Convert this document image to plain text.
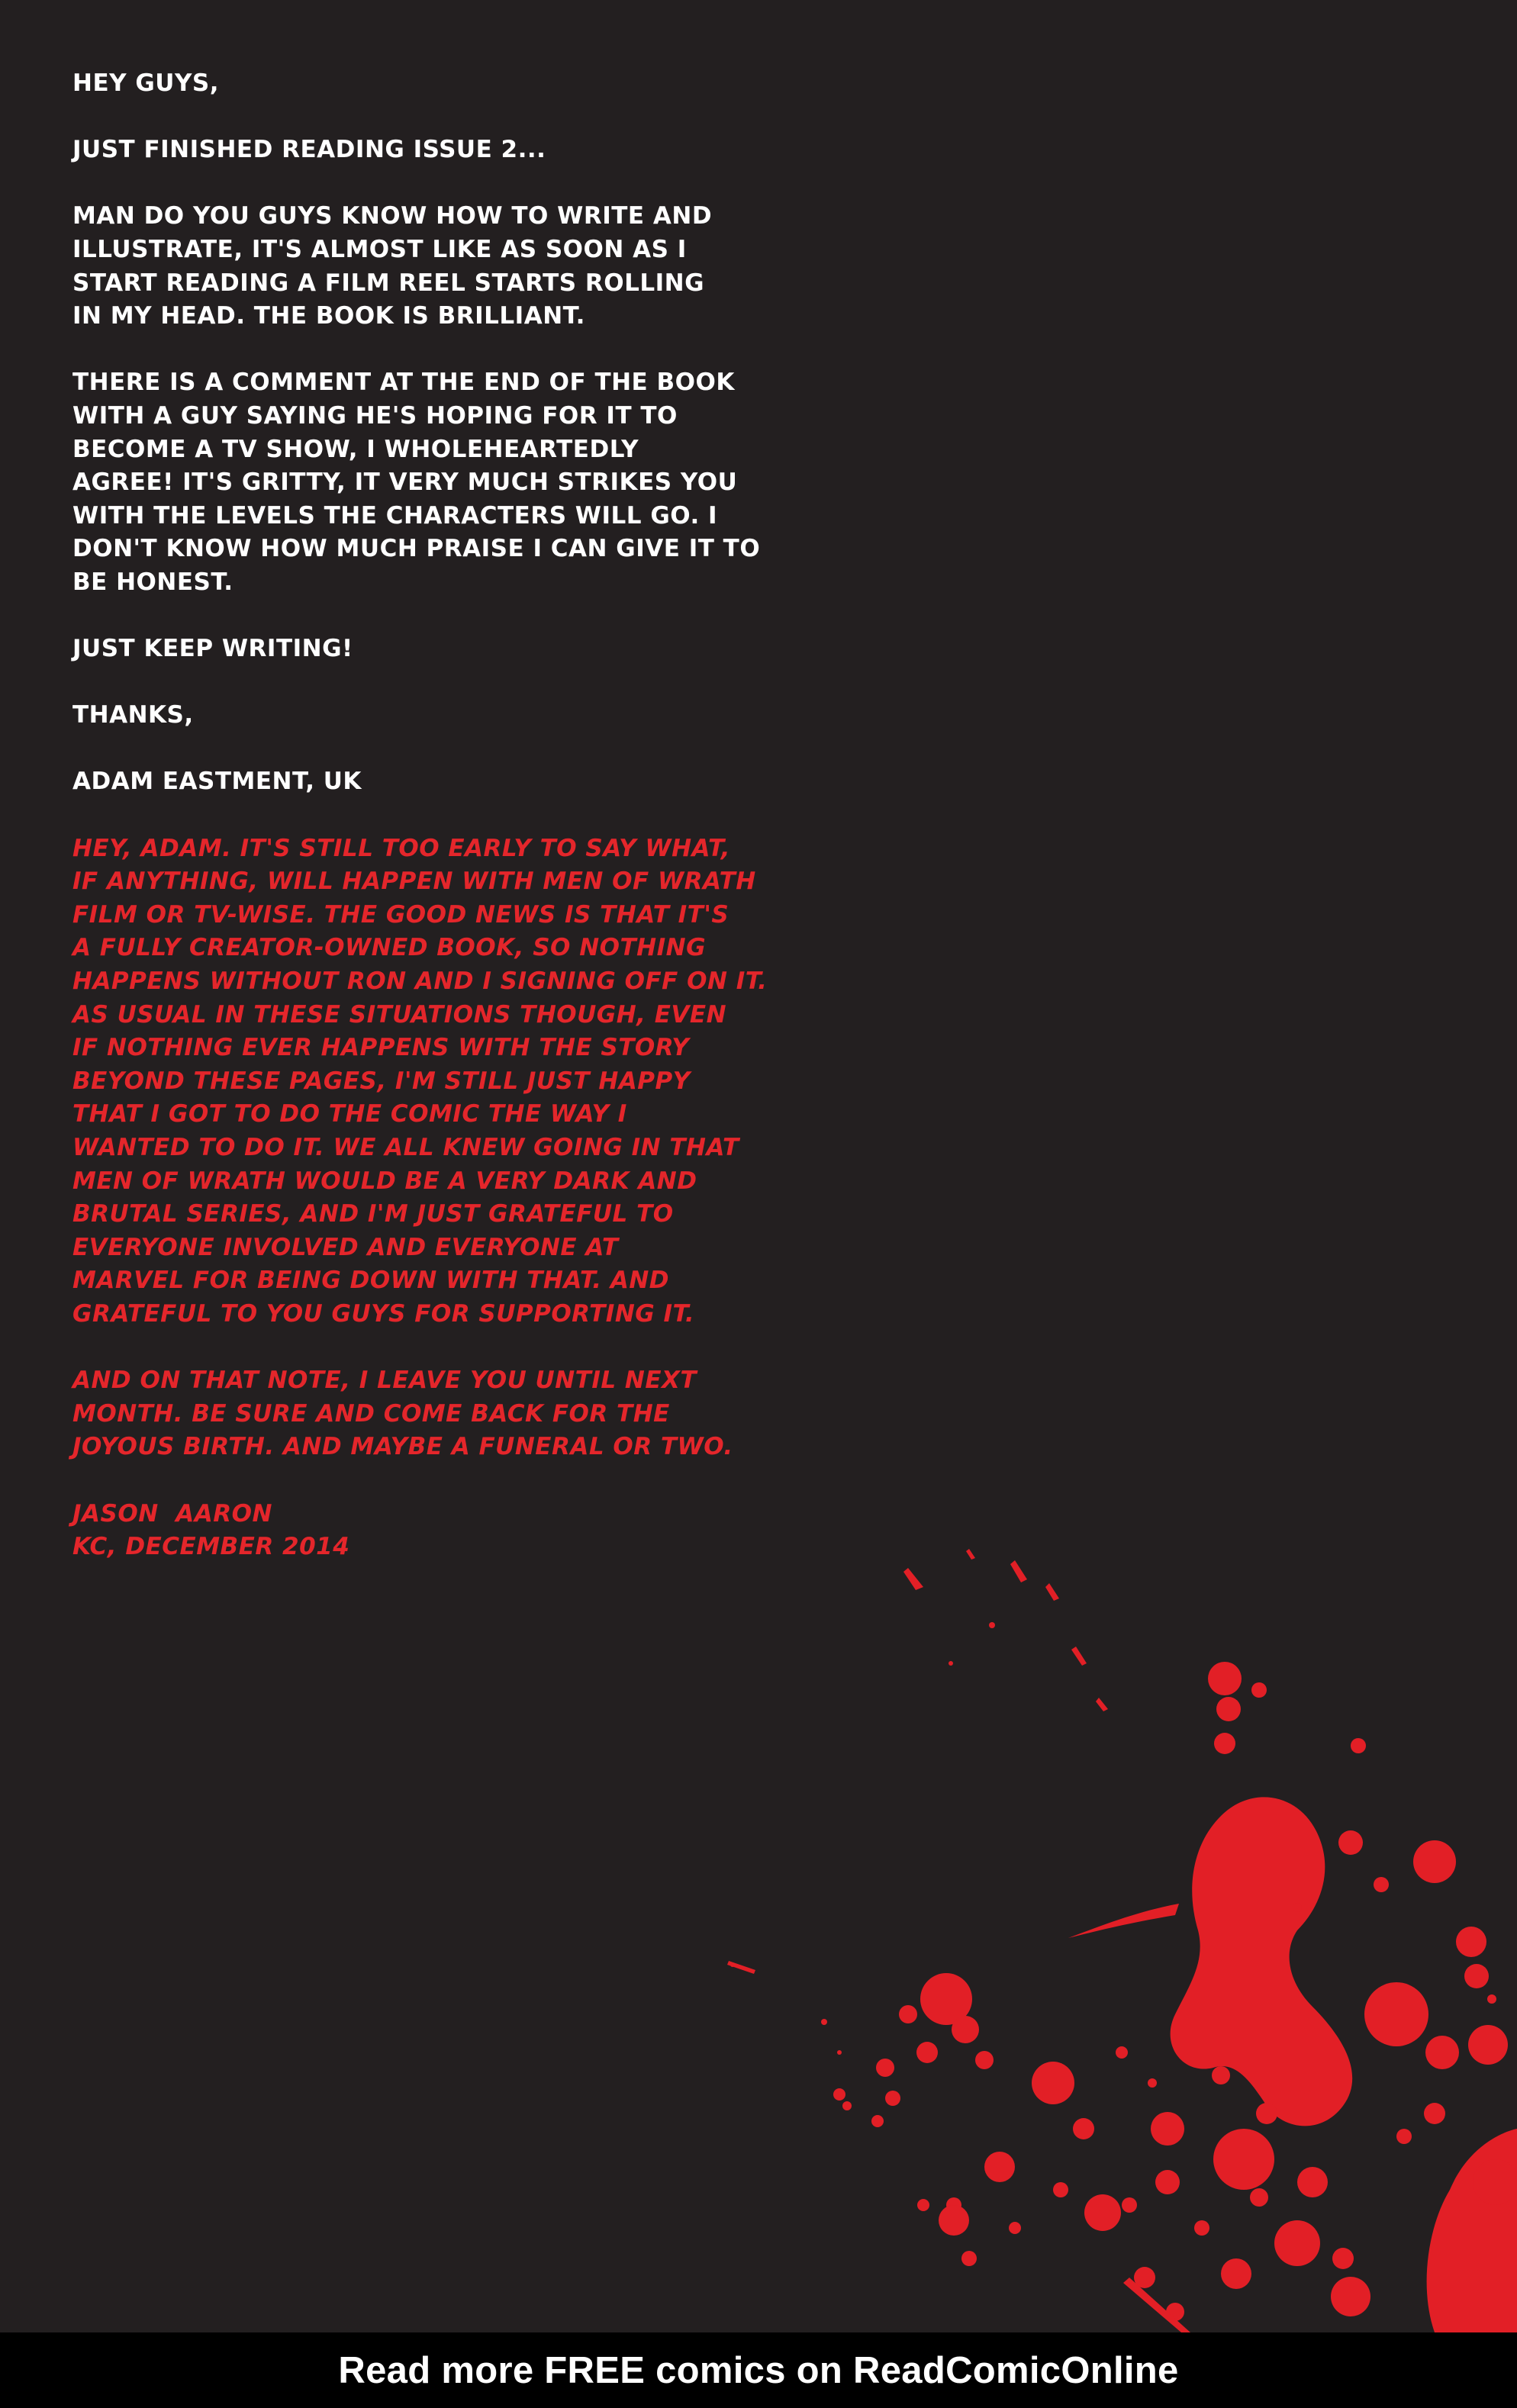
HEY GUYS,
JUST FINISHED READING ISSUE 2...
MAN DO YOU GUYS KNOW HOW TO WRITE AND
ILLUSTRATE, IT'S ALMOST LIKE AS SOON AS I
START READING A FILM REEL STARTS ROLLING
IN MY HEAD. THE BOOK IS BRILLIANT.
THERE IS A COMMENT AT THE END OF THE BOOK
WITH A GUY SAYING HE'S HOPING FOR IT TO
BECOME A TV SHOW, I WHOLEHEARTEDLY
AGREE! IT'S GRITTY, IT VERY MUCH STRIKES YOU
WITH THE LEVELS THE CHARACTERS WILL GO. I
DON'T KNOW HOW MUCH PRAISE I CAN GIVE IT TO
BE HONEST.
JUST KEEP WRITING!
THANKS,
ADAM EASTMENT, UK
HEY, ADAM. IT'S STILL TOO EARLY TO SAY WHAT,
IF ANYTHING, WILL HAPPEN WITH MEN OF WRATH
FILM OR TV-WISE. THE GOOD NEWS IS THAT IT'S
A FULLY CREATOR-OWNED BOOK, SO NOTHING
HAPPENS WITHOUT RON AND I SIGNING OFF ON IT.
AS USUAL IN THESE SITUATIONS THOUGH, EVEN
IF NOTHING EVER HAPPENS WITH THE STORY
BEYOND THESE PAGES, I'M STILL JUST HAPPY
THAT I GOT TO DO THE COMIC THE WAY I
WANTED TO DO IT. WE ALL KNEW GOING IN THAT
MEN OF WRATH WOULD BE A VERY DARK AND
BRUTAL SERIES, AND I'M JUST GRATEFUL TO
EVERYONE INVOLVED AND EVERYONE AT
MARVEL FOR BEING DOWN WITH THAT. AND
GRATEFUL TO YOU GUYS FOR SUPPORTING IT.
AND ON THAT NOTE, I LEAVE YOU UNTIL NEXT
MONTH. BE SURE AND COME BACK FOR THE
JOYOUS BIRTH. AND MAYBE A FUNERAL OR TWO.
JASON  AARON
KC, DECEMBER 2014
Read more FREE comics on ReadComicOnline
